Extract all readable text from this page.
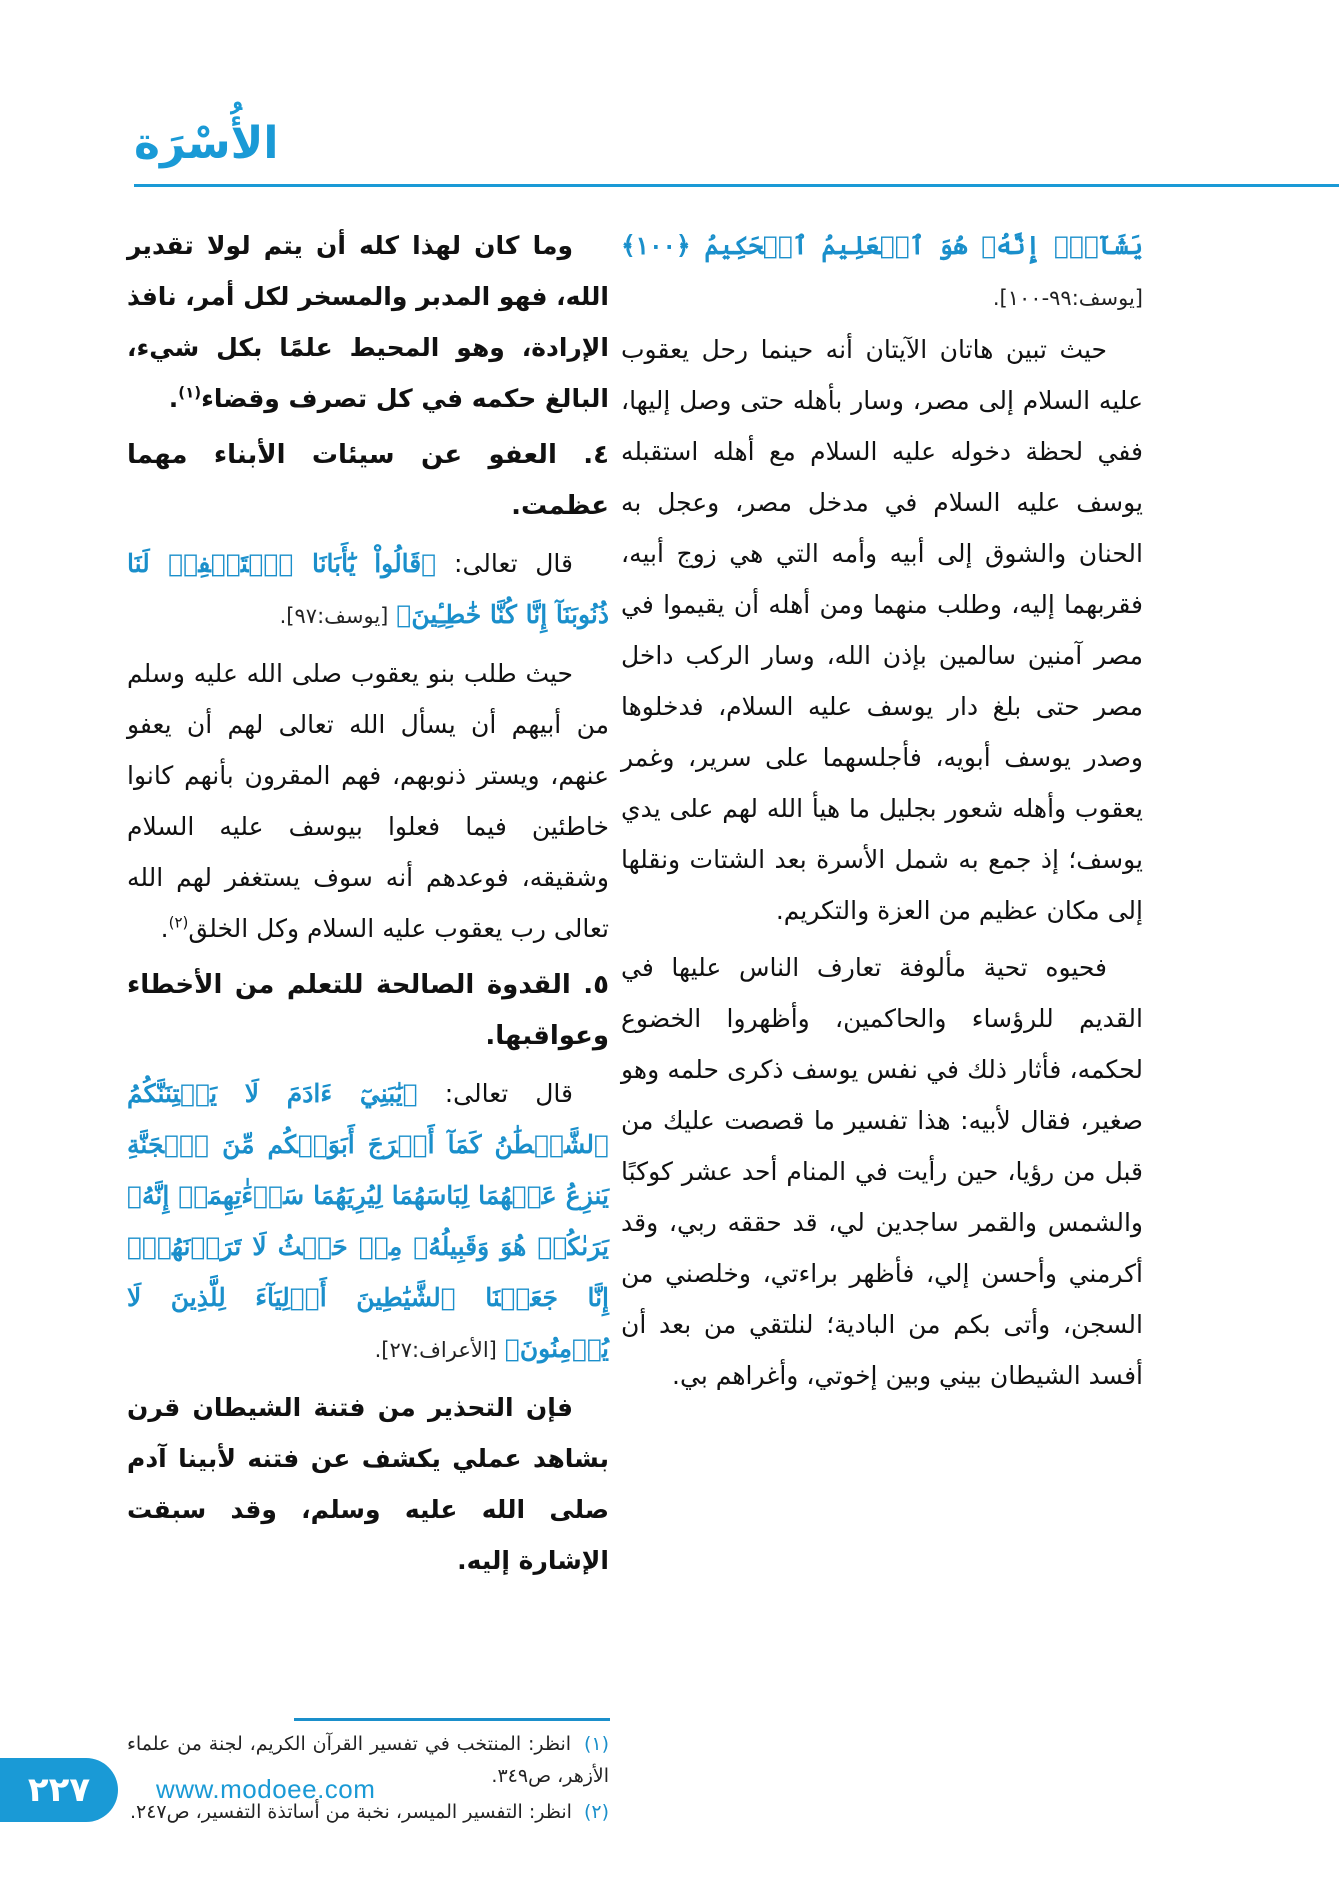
الأُسْرَة

يَشَآءُۚ إِنَّهُۥ هُوَ ٱلۡعَلِيمُ ٱلۡحَكِيمُ ﴿١٠٠﴾ [يوسف:٩٩-١٠٠].

حيث تبين هاتان الآيتان أنه حينما رحل يعقوب عليه السلام إلى مصر، وسار بأهله حتى وصل إليها، ففي لحظة دخوله عليه السلام مع أهله استقبله يوسف عليه السلام في مدخل مصر، وعجل به الحنان والشوق إلى أبيه وأمه التي هي زوج أبيه، فقربهما إليه، وطلب منهما ومن أهله أن يقيموا في مصر آمنين سالمين بإذن الله، وسار الركب داخل مصر حتى بلغ دار يوسف عليه السلام، فدخلوها وصدر يوسف أبويه، فأجلسهما على سرير، وغمر يعقوب وأهله شعور بجليل ما هيأ الله لهم على يدي يوسف؛ إذ جمع به شمل الأسرة بعد الشتات ونقلها إلى مكان عظيم من العزة والتكريم.

فحيوه تحية مألوفة تعارف الناس عليها في القديم للرؤساء والحاكمين، وأظهروا الخضوع لحكمه، فأثار ذلك في نفس يوسف ذكرى حلمه وهو صغير، فقال لأبيه: هذا تفسير ما قصصت عليك من قبل من رؤيا، حين رأيت في المنام أحد عشر كوكبًا والشمس والقمر ساجدين لي، قد حققه ربي، وقد أكرمني وأحسن إلي، فأظهر براءتي، وخلصني من السجن، وأتى بكم من البادية؛ لنلتقي من بعد أن أفسد الشيطان بيني وبين إخوتي، وأغراهم بي.

وما كان لهذا كله أن يتم لولا تقدير الله، فهو المدبر والمسخر لكل أمر، نافذ الإرادة، وهو المحيط علمًا بكل شيء، البالغ حكمه في كل تصرف وقضاء$^{(١)}$.

٤. العفو عن سيئات الأبناء مهما عظمت.

قال تعالى: ﴿قَالُواْ يَٰٓأَبَانَا ٱسۡتَغۡفِرۡ لَنَا ذُنُوبَنَآ إِنَّا كُنَّا خَٰطِـِٔينَ﴾ [يوسف:٩٧].

حيث طلب بنو يعقوب صلى الله عليه وسلم من أبيهم أن يسأل الله تعالى لهم أن يعفو عنهم، ويستر ذنوبهم، فهم المقرون بأنهم كانوا خاطئين فيما فعلوا بيوسف عليه السلام وشقيقه، فوعدهم أنه سوف يستغفر لهم الله تعالى رب يعقوب عليه السلام وكل الخلق$^{(٢)}$.

٥. القدوة الصالحة للتعلم من الأخطاء وعواقبها.

قال تعالى: ﴿يَٰبَنِيٓ ءَادَمَ لَا يَفۡتِنَنَّكُمُ ٱلشَّيۡطَٰنُ كَمَآ أَخۡرَجَ أَبَوَيۡكُم مِّنَ ٱلۡجَنَّةِ يَنزِعُ عَنۡهُمَا لِبَاسَهُمَا لِيُرِيَهُمَا سَوۡءَٰتِهِمَآۚ إِنَّهُۥ يَرَىٰكُمۡ هُوَ وَقَبِيلُهُۥ مِنۡ حَيۡثُ لَا تَرَوۡنَهُمۡۗ إِنَّا جَعَلۡنَا ٱلشَّيَٰطِينَ أَوۡلِيَآءَ لِلَّذِينَ لَا يُؤۡمِنُونَ﴾ [الأعراف:٢٧].

فإن التحذير من فتنة الشيطان قرن بشاهد عملي يكشف عن فتنه لأبينا آدم صلى الله عليه وسلم، وقد سبقت الإشارة إليه.

(١) انظر: المنتخب في تفسير القرآن الكريم، لجنة من علماء الأزهر، ص٣٤٩.

(٢) انظر: التفسير الميسر، نخبة من أساتذة التفسير، ص٢٤٧.

٢٢٧	www.modoee.com
